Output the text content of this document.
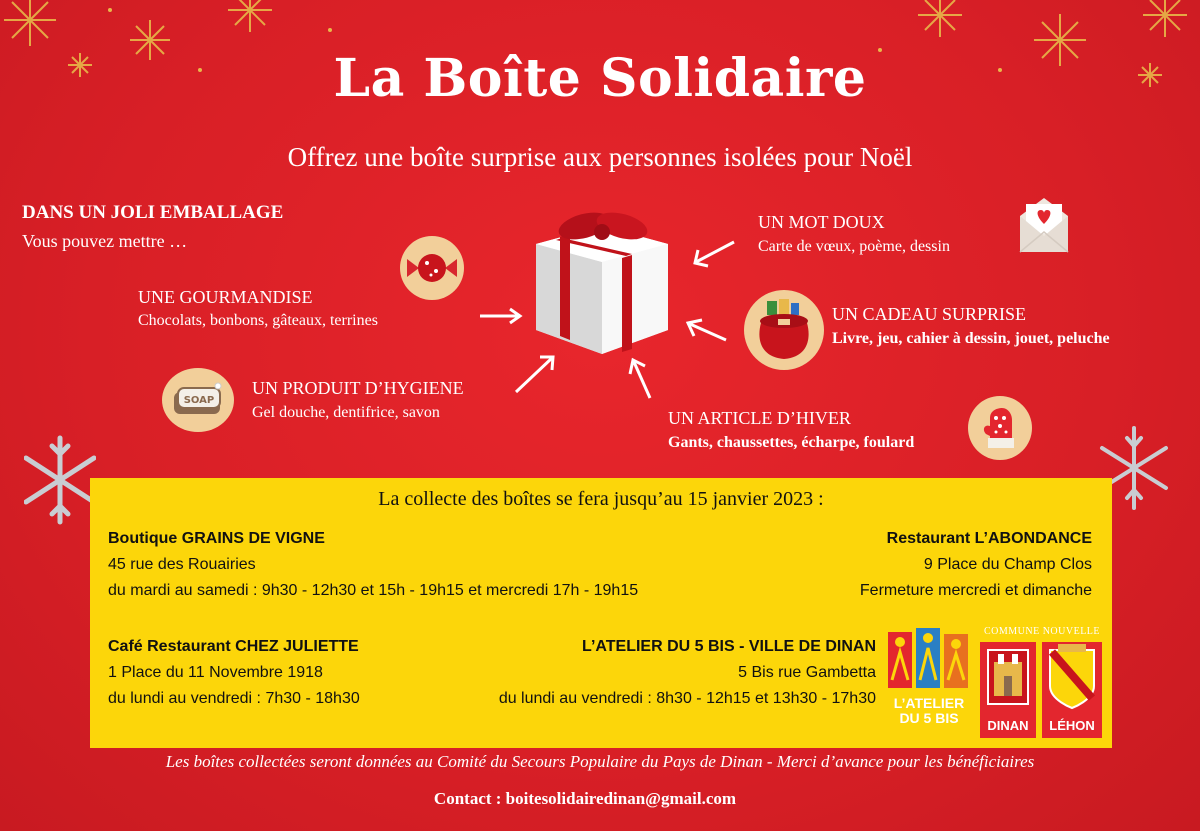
La Boîte Solidaire
Offrez une boîte surprise aux personnes isolées pour Noël
DANS UN JOLI EMBALLAGE
Vous pouvez mettre …
SOAP
UNE GOURMANDISE
Chocolats, bonbons, gâteaux, terrines
UN PRODUIT D’HYGIENE
Gel douche, dentifrice, savon
UN MOT DOUX
Carte de vœux, poème, dessin
UN CADEAU SURPRISE
Livre, jeu, cahier à dessin, jouet, peluche
UN ARTICLE D’HIVER
Gants, chaussettes, écharpe, foulard
La collecte des boîtes se fera jusqu’au 15 janvier 2023 :
Boutique GRAINS DE VIGNE
45 rue des Rouairies
du mardi au samedi : 9h30 - 12h30 et 15h - 19h15 et mercredi 17h - 19h15
Restaurant L’ABONDANCE
9 Place du Champ Clos
Fermeture mercredi et dimanche
Café Restaurant CHEZ JULIETTE
1 Place du 11 Novembre 1918
du lundi au vendredi : 7h30 - 18h30
L’ATELIER DU 5 BIS - VILLE DE DINAN
5 Bis rue Gambetta
du lundi au vendredi : 8h30 - 12h15 et 13h30 - 17h30	L’ATELIER
DU 5 BIS
COMMUNE NOUVELLE
DINAN	LÉHON
Les boîtes collectées seront données au Comité du Secours Populaire du Pays de Dinan - Merci d’avance pour les bénéficiaires
Contact : boitesolidairedinan@gmail.com
